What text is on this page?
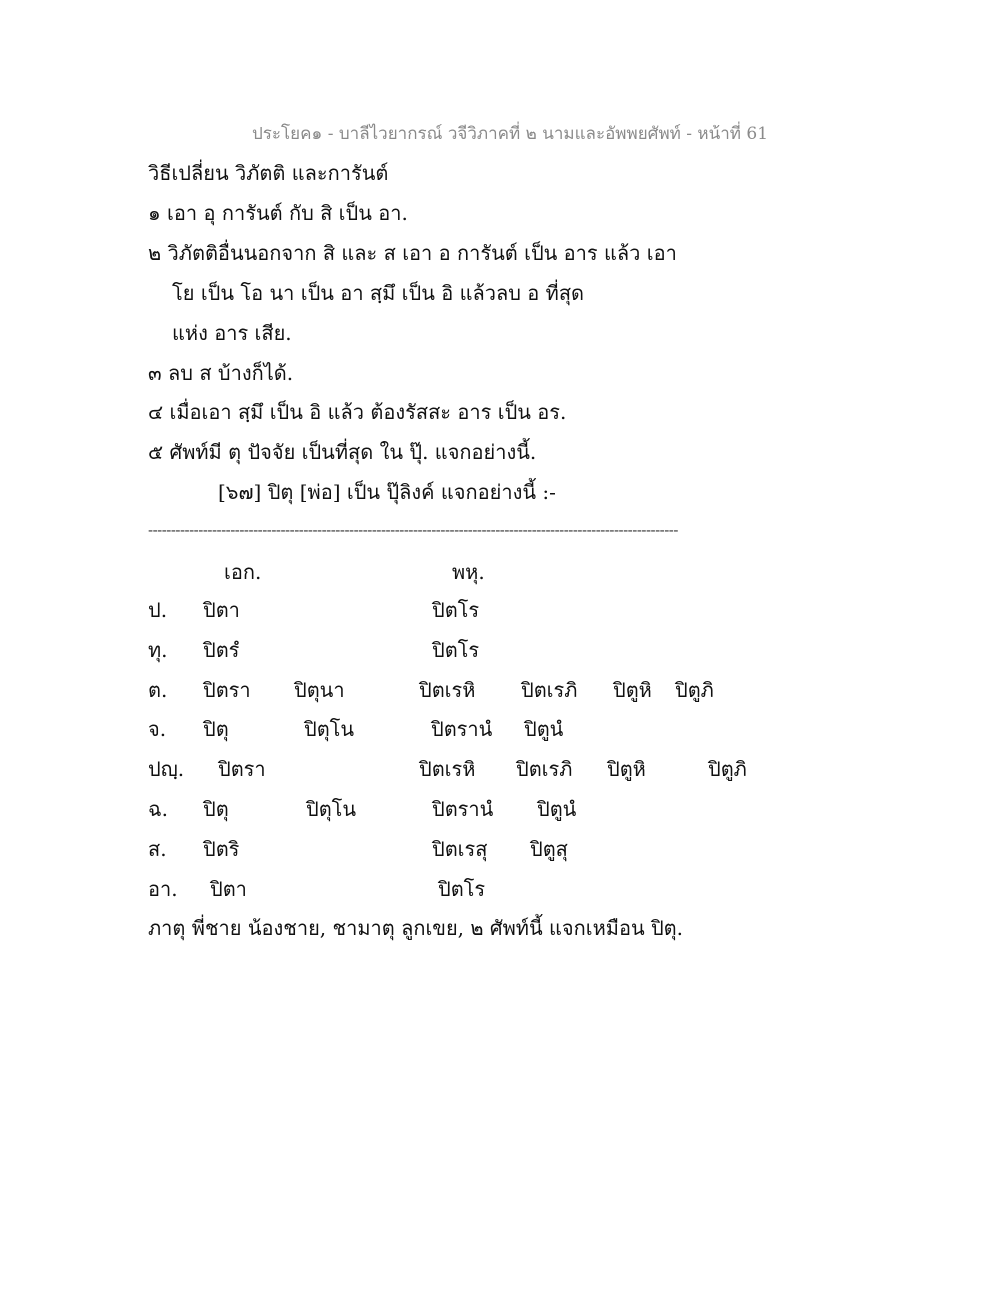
ประโยค๑ - บาลีไวยากรณ์ วจีวิภาคที่ ๒ นามและอัพพยศัพท์ - หน้าที่ 61
วิธีเปลี่ยน วิภัตติ และการันต์
๑ เอา อุ การันต์ กับ สิ เป็น อา.
๒ วิภัตติอื่นนอกจาก สิ และ ส เอา อ การันต์ เป็น อาร แล้ว เอา
โย เป็น โอ นา เป็น อา สฺมึ เป็น อิ แล้วลบ อ ที่สุด
แห่ง อาร เสีย.
๓ ลบ ส บ้างก็ได้.
๔ เมื่อเอา สฺมึ เป็น อิ แล้ว ต้องรัสสะ อาร เป็น อร.
๕ ศัพท์มี ตุ ปัจจัย เป็นที่สุด ใน ปุ๊. แจกอย่างนี้.
[๖๗] ปิตุ [พ่อ] เป็น ปุ๊ลิงค์ แจกอย่างนี้ :-
--------------------------------------------------------------------------------------------------------------------
เอก.	พหุ.
ป. ปิตา	ปิตโร
ทุ. ปิตรํ	ปิตโร
ต. ปิตรา ปิตุนา	ปิตเรหิ ปิตเรภิ ปิตูหิ ปิตูภิ
จ. ปิตุ	ปิตุโน	ปิตรานํ ปิตูนํ
ปญฺ. ปิตรา	ปิตเรหิ ปิตเรภิ ปิตูหิ	ปิตูภิ
ฉ. ปิตุ	ปิตุโน	ปิตรานํ ปิตูนํ
ส. ปิตริ	ปิตเรสุ ปิตูสุ
อา. ปิตา	ปิตโร
ภาตุ พี่ชาย น้องชาย, ชามาตุ ลูกเขย, ๒ ศัพท์นี้ แจกเหมือน ปิตุ.
